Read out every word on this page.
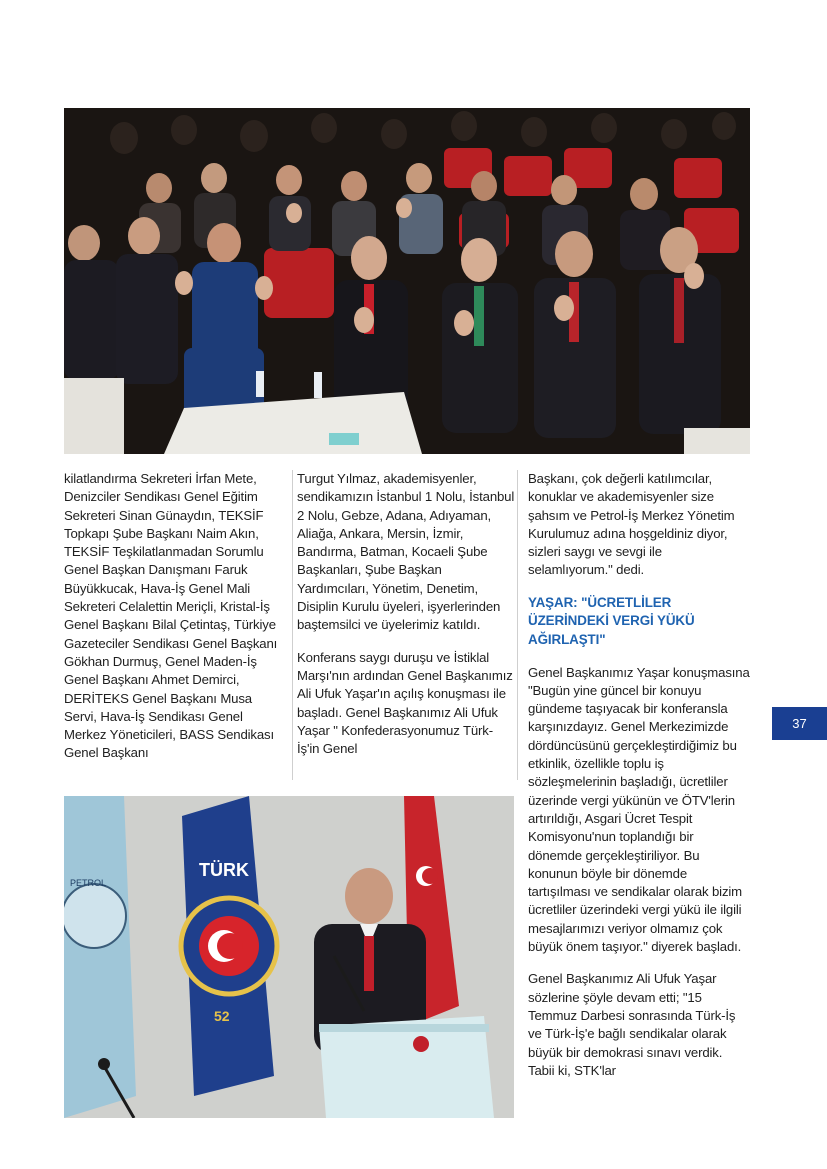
kilatlandırma Sekreteri İrfan Mete, Denizciler Sendikası Genel Eğitim Sekreteri Sinan Günaydın, TEKSİF Topkapı Şube Başkanı Naim Akın, TEKSİF Teşkilatlanmadan Sorumlu Genel Başkan Danışmanı Faruk Büyükkucak, Hava-İş Genel Mali Sekreteri Celalettin Meriçli, Kristal-İş Genel Başkanı Bilal Çetintaş, Türkiye Gazeteciler Sendikası Genel Başkanı Gökhan Durmuş, Genel Maden-İş Genel Başkanı Ahmet Demirci, DERİTEKS Genel Başkanı Musa Servi, Hava-İş Sendikası Genel Merkez Yöneticileri, BASS Sendikası Genel Başkanı

Turgut Yılmaz, akademisyenler, sendikamızın İstanbul 1 Nolu, İstanbul 2 Nolu, Gebze, Adana, Adıyaman, Aliağa, Ankara, Mersin, İzmir, Bandırma, Batman, Kocaeli Şube Başkanları, Şube Başkan Yardımcıları, Yönetim, Denetim, Disiplin Kurulu üyeleri, işyerlerinden baştemsilci ve üyelerimiz katıldı.

Konferans saygı duruşu ve İstiklal Marşı'nın ardından Genel Başkanımız Ali Ufuk Yaşar'ın açılış konuşması ile başladı. Genel Başkanımız Ali Ufuk Yaşar " Konfederasyonumuz Türk-İş'in Genel

Başkanı, çok değerli katılımcılar, konuklar ve akademisyenler size şahsım ve Petrol-İş Merkez Yönetim Kurulumuz adına hoşgeldiniz diyor, sizleri saygı ve sevgi ile selamlıyorum." dedi.

YAŞAR: "ÜCRETLİLER ÜZERİNDEKİ VERGİ YÜKÜ AĞIRLAŞTI"

Genel Başkanımız Yaşar konuşmasına "Bugün yine güncel bir konuyu gündeme taşıyacak bir konferansla karşınızdayız. Genel Merkezimizde dördüncüsünü gerçekleştirdiğimiz bu etkinlik, özellikle toplu iş sözleşmelerinin başladığı, ücretliler üzerinde vergi yükünün ve ÖTV'lerin artırıldığı, Asgari Ücret Tespit Komisyonu'nun toplandığı bir dönemde gerçekleştiriliyor. Bu konunun böyle bir dönemde tartışılması ve sendikalar olarak bizim ücretliler üzerindeki vergi yükü ile ilgili mesajlarımızı veriyor olmamız çok büyük önem taşıyor." diyerek başladı.

Genel Başkanımız Ali Ufuk Yaşar sözlerine şöyle devam etti; "15 Temmuz Darbesi sonrasında Türk-İş ve Türk-İş'e bağlı sendikalar olarak büyük bir demokrasi sınavı verdik. Tabii ki, STK'lar

PETROL
TÜRK
52
37
